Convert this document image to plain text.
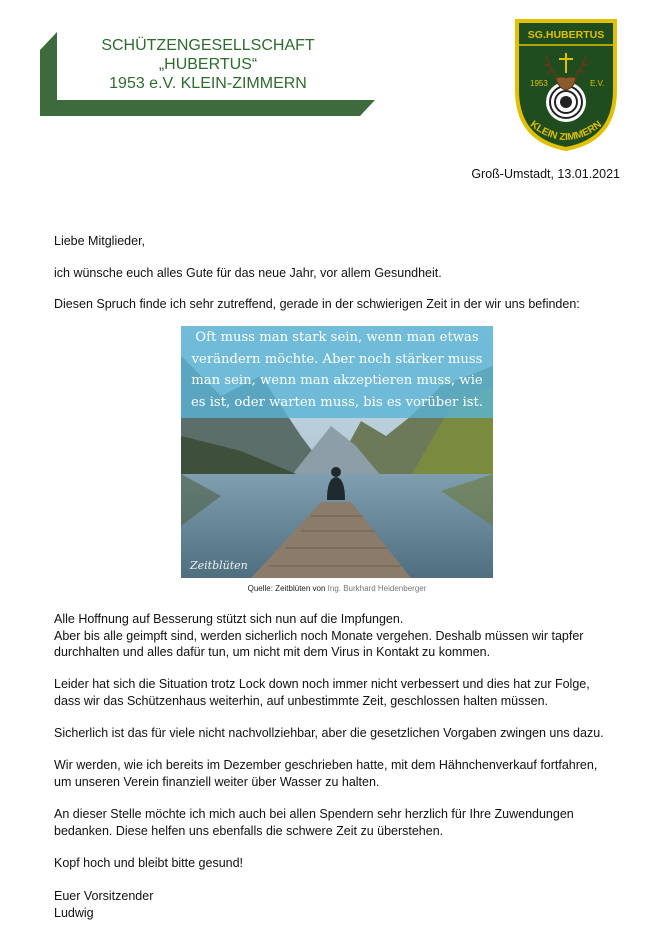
SCHÜTZENGESELLSCHAFT
„HUBERTUS“
1953 e.V. KLEIN-ZIMMERN
SG.HUBERTUS
1953	E.V.
KLEIN ZIMMERN
Groß-Umstadt, 13.01.2021
Liebe Mitglieder,
ich wünsche euch alles Gute für das neue Jahr, vor allem Gesundheit.
Diesen Spruch finde ich sehr zutreffend, gerade in der schwierigen Zeit in der wir uns befinden:
Oft muss man stark sein, wenn man etwas
verändern möchte. Aber noch stärker muss
man sein, wenn man akzeptieren muss, wie
es ist, oder warten muss, bis es vorüber ist.
Zeitblüten
Quelle: Zeitblüten von Ing. Burkhard Heidenberger
Alle Hoffnung auf Besserung stützt sich nun auf die Impfungen.
Aber bis alle geimpft sind, werden sicherlich noch Monate vergehen. Deshalb müssen wir tapfer
durchhalten und alles dafür tun, um nicht mit dem Virus in Kontakt zu kommen.
Leider hat sich die Situation trotz Lock down noch immer nicht verbessert und dies hat zur Folge,
dass wir das Schützenhaus weiterhin, auf unbestimmte Zeit, geschlossen halten müssen.
Sicherlich ist das für viele nicht nachvollziehbar, aber die gesetzlichen Vorgaben zwingen uns dazu.
Wir werden, wie ich bereits im Dezember geschrieben hatte, mit dem Hähnchenverkauf fortfahren,
um unseren Verein finanziell weiter über Wasser zu halten.
An dieser Stelle möchte ich mich auch bei allen Spendern sehr herzlich für Ihre Zuwendungen
bedanken. Diese helfen uns ebenfalls die schwere Zeit zu überstehen.
Kopf hoch und bleibt bitte gesund!
Euer Vorsitzender
Ludwig
